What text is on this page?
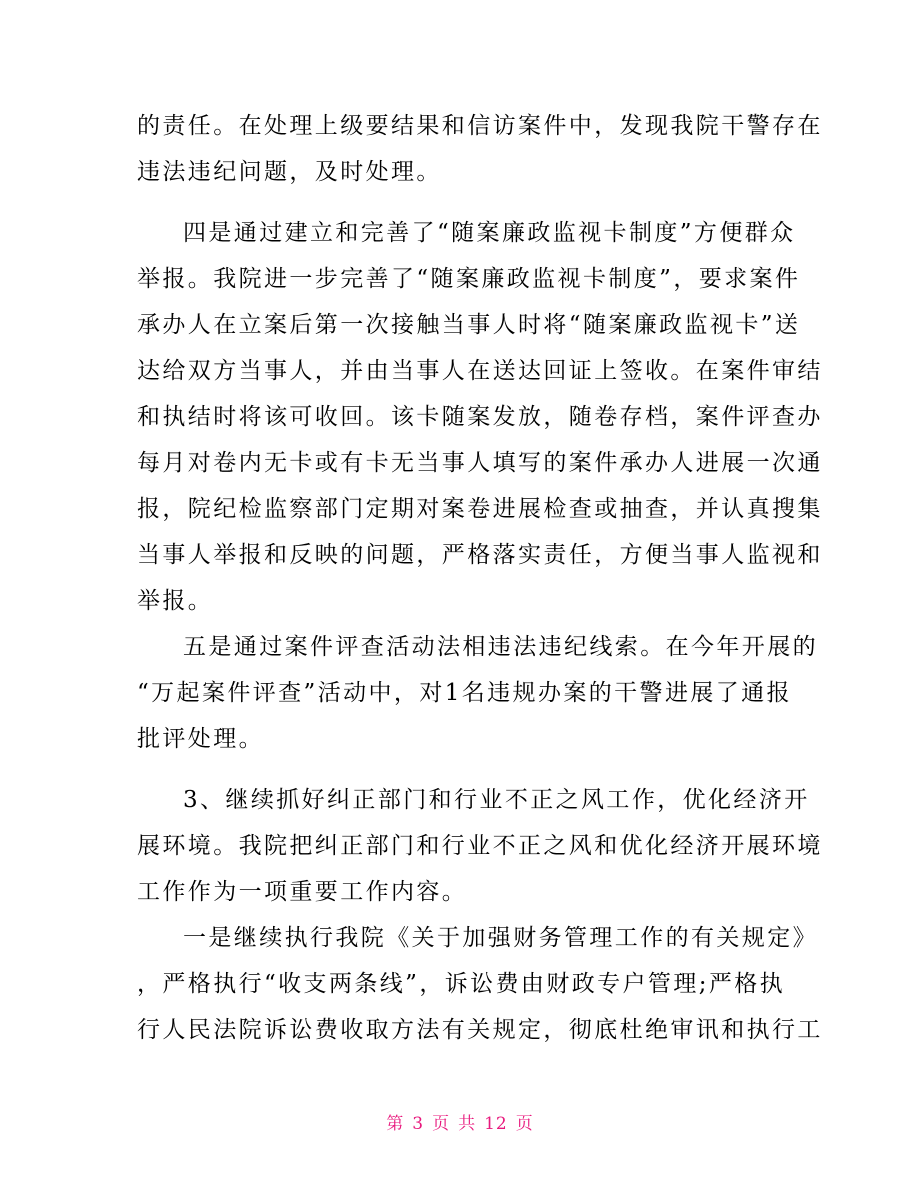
的责任。在处理上级要结果和信访案件中，发现我院干警存在
违法违纪问题，及时处理。
四是通过建立和完善了“随案廉政监视卡制度”方便群众
举报。我院进一步完善了“随案廉政监视卡制度”，要求案件
承办人在立案后第一次接触当事人时将“随案廉政监视卡”送
达给双方当事人，并由当事人在送达回证上签收。在案件审结
和执结时将该可收回。该卡随案发放，随卷存档，案件评查办
每月对卷内无卡或有卡无当事人填写的案件承办人进展一次通
报，院纪检监察部门定期对案卷进展检查或抽查，并认真搜集
当事人举报和反映的问题，严格落实责任，方便当事人监视和
举报。
五是通过案件评查活动法相违法违纪线索。在今年开展的
“万起案件评查”活动中，对1名违规办案的干警进展了通报
批评处理。
3、继续抓好纠正部门和行业不正之风工作，优化经济开
展环境。我院把纠正部门和行业不正之风和优化经济开展环境
工作作为一项重要工作内容。
一是继续执行我院《关于加强财务管理工作的有关规定》
，严格执行“收支两条线”，诉讼费由财政专户管理;严格执
行人民法院诉讼费收取方法有关规定，彻底杜绝审讯和执行工
第 3 页 共 12 页
